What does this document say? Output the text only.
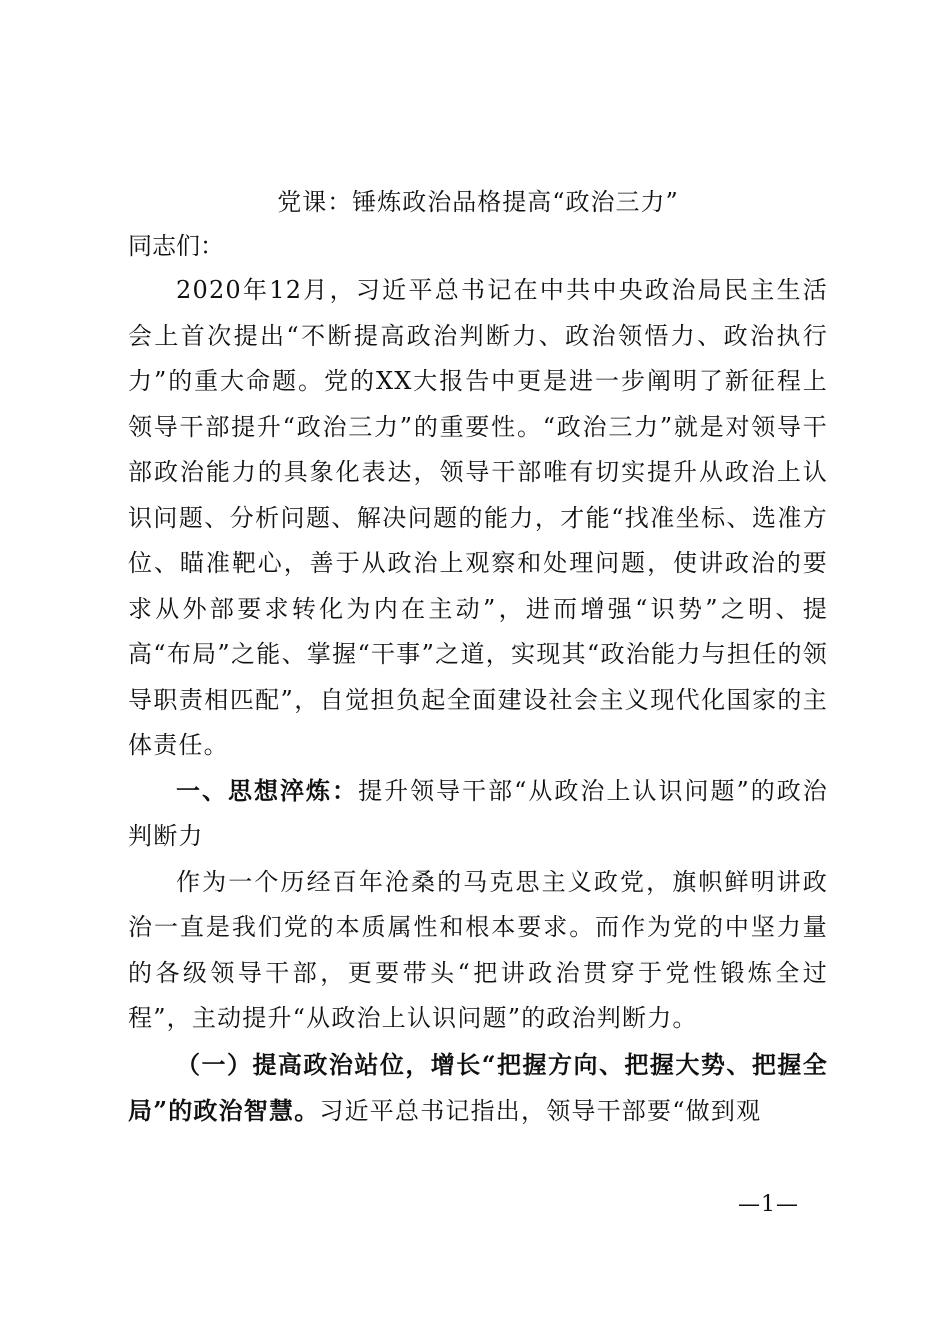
党课：锤炼政治品格提高“政治三力”

同志们：

2020年12月，习近平总书记在中共中央政治局民主生活会上首次提出“不断提高政治判断力、政治领悟力、政治执行力”的重大命题。党的XX大报告中更是进一步阐明了新征程上领导干部提升“政治三力”的重要性。“政治三力”就是对领导干部政治能力的具象化表达，领导干部唯有切实提升从政治上认识问题、分析问题、解决问题的能力，才能“找准坐标、选准方位、瞄准靶心，善于从政治上观察和处理问题，使讲政治的要求从外部要求转化为内在主动”，进而增强“识势”之明、提高“布局”之能、掌握“干事”之道，实现其“政治能力与担任的领导职责相匹配”，自觉担负起全面建设社会主义现代化国家的主体责任。

一、思想淬炼：提升领导干部“从政治上认识问题”的政治判断力

作为一个历经百年沧桑的马克思主义政党，旗帜鲜明讲政治一直是我们党的本质属性和根本要求。而作为党的中坚力量的各级领导干部，更要带头“把讲政治贯穿于党性锻炼全过程”，主动提升“从政治上认识问题”的政治判断力。

（一）提高政治站位，增长“把握方向、把握大势、把握全局”的政治智慧。习近平总书记指出，领导干部要“做到观

—1—
